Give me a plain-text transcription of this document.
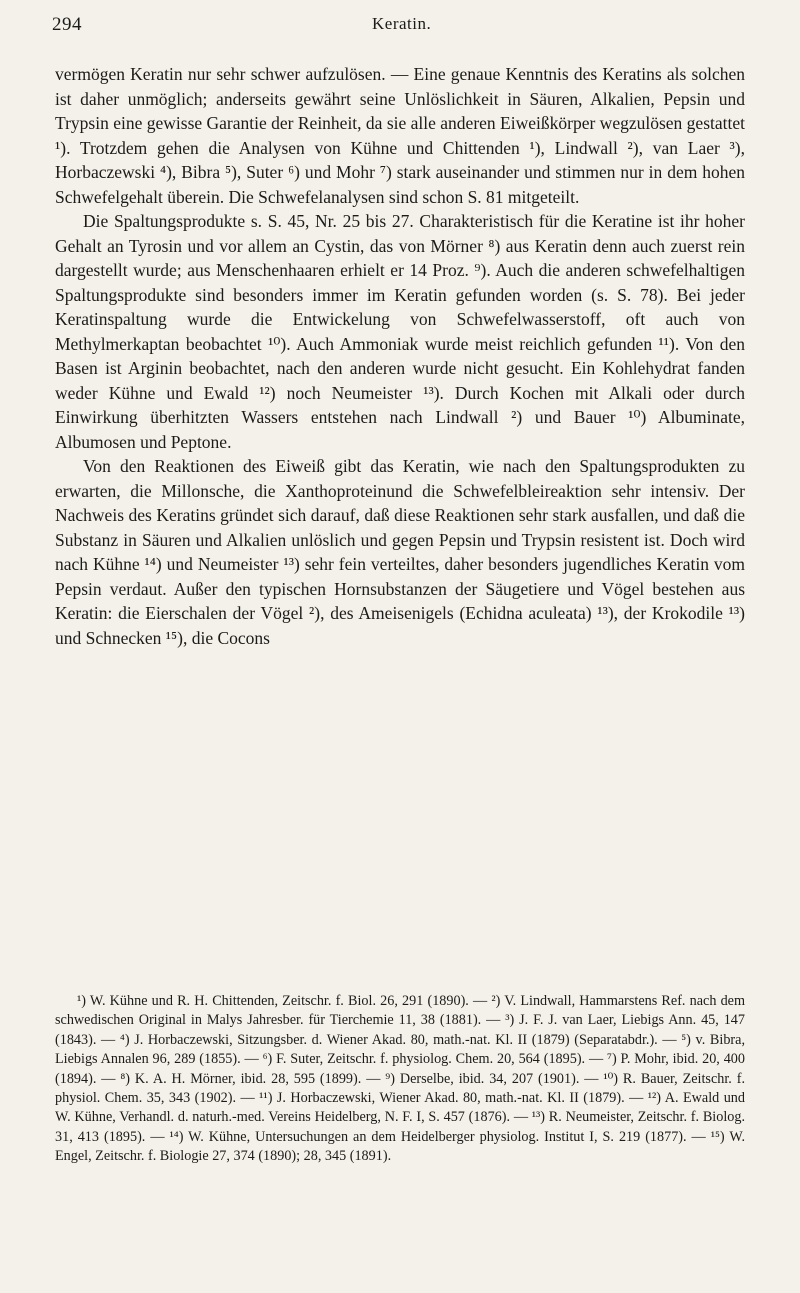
294	Keratin.

vermögen Keratin nur sehr schwer aufzulösen. — Eine genaue Kenntnis des Keratins als solchen ist daher unmöglich; anderseits gewährt seine Unlöslichkeit in Säuren, Alkalien, Pepsin und Trypsin eine gewisse Garantie der Reinheit, da sie alle anderen Eiweißkörper wegzulösen gestattet ¹). Trotzdem gehen die Analysen von Kühne und Chittenden ¹), Lindwall ²), van Laer ³), Horbaczewski ⁴), Bibra ⁵), Suter ⁶) und Mohr ⁷) stark auseinander und stimmen nur in dem hohen Schwefelgehalt überein. Die Schwefelanalysen sind schon S. 81 mitgeteilt.

Die Spaltungsprodukte s. S. 45, Nr. 25 bis 27. Charakteristisch für die Keratine ist ihr hoher Gehalt an Tyrosin und vor allem an Cystin, das von Mörner ⁸) aus Keratin denn auch zuerst rein dargestellt wurde; aus Menschenhaaren erhielt er 14 Proz. ⁹). Auch die anderen schwefelhaltigen Spaltungsprodukte sind besonders immer im Keratin gefunden worden (s. S. 78). Bei jeder Keratinspaltung wurde die Entwickelung von Schwefelwasserstoff, oft auch von Methylmerkaptan beobachtet ¹⁰). Auch Ammoniak wurde meist reichlich gefunden ¹¹). Von den Basen ist Arginin beobachtet, nach den anderen wurde nicht gesucht. Ein Kohlehydrat fanden weder Kühne und Ewald ¹²) noch Neumeister ¹³). Durch Kochen mit Alkali oder durch Einwirkung überhitzten Wassers entstehen nach Lindwall ²) und Bauer ¹⁰) Albuminate, Albumosen und Peptone.

Von den Reaktionen des Eiweiß gibt das Keratin, wie nach den Spaltungsprodukten zu erwarten, die Millonsche, die Xanthoproteinund die Schwefelbleireaktion sehr intensiv. Der Nachweis des Keratins gründet sich darauf, daß diese Reaktionen sehr stark ausfallen, und daß die Substanz in Säuren und Alkalien unlöslich und gegen Pepsin und Trypsin resistent ist. Doch wird nach Kühne ¹⁴) und Neumeister ¹³) sehr fein verteiltes, daher besonders jugendliches Keratin vom Pepsin verdaut. Außer den typischen Hornsubstanzen der Säugetiere und Vögel bestehen aus Keratin: die Eierschalen der Vögel ²), des Ameisenigels (Echidna aculeata) ¹³), der Krokodile ¹³) und Schnecken ¹⁵), die Cocons

¹) W. Kühne und R. H. Chittenden, Zeitschr. f. Biol. 26, 291 (1890). — ²) V. Lindwall, Hammarstens Ref. nach dem schwedischen Original in Malys Jahresber. für Tierchemie 11, 38 (1881). — ³) J. F. J. van Laer, Liebigs Ann. 45, 147 (1843). — ⁴) J. Horbaczewski, Sitzungsber. d. Wiener Akad. 80, math.-nat. Kl. II (1879) (Separatabdr.). — ⁵) v. Bibra, Liebigs Annalen 96, 289 (1855). — ⁶) F. Suter, Zeitschr. f. physiolog. Chem. 20, 564 (1895). — ⁷) P. Mohr, ibid. 20, 400 (1894). — ⁸) K. A. H. Mörner, ibid. 28, 595 (1899). — ⁹) Derselbe, ibid. 34, 207 (1901). — ¹⁰) R. Bauer, Zeitschr. f. physiol. Chem. 35, 343 (1902). — ¹¹) J. Horbaczewski, Wiener Akad. 80, math.-nat. Kl. II (1879). — ¹²) A. Ewald und W. Kühne, Verhandl. d. naturh.-med. Vereins Heidelberg, N. F. I, S. 457 (1876). — ¹³) R. Neumeister, Zeitschr. f. Biolog. 31, 413 (1895). — ¹⁴) W. Kühne, Untersuchungen an dem Heidelberger physiolog. Institut I, S. 219 (1877). — ¹⁵) W. Engel, Zeitschr. f. Biologie 27, 374 (1890); 28, 345 (1891).
